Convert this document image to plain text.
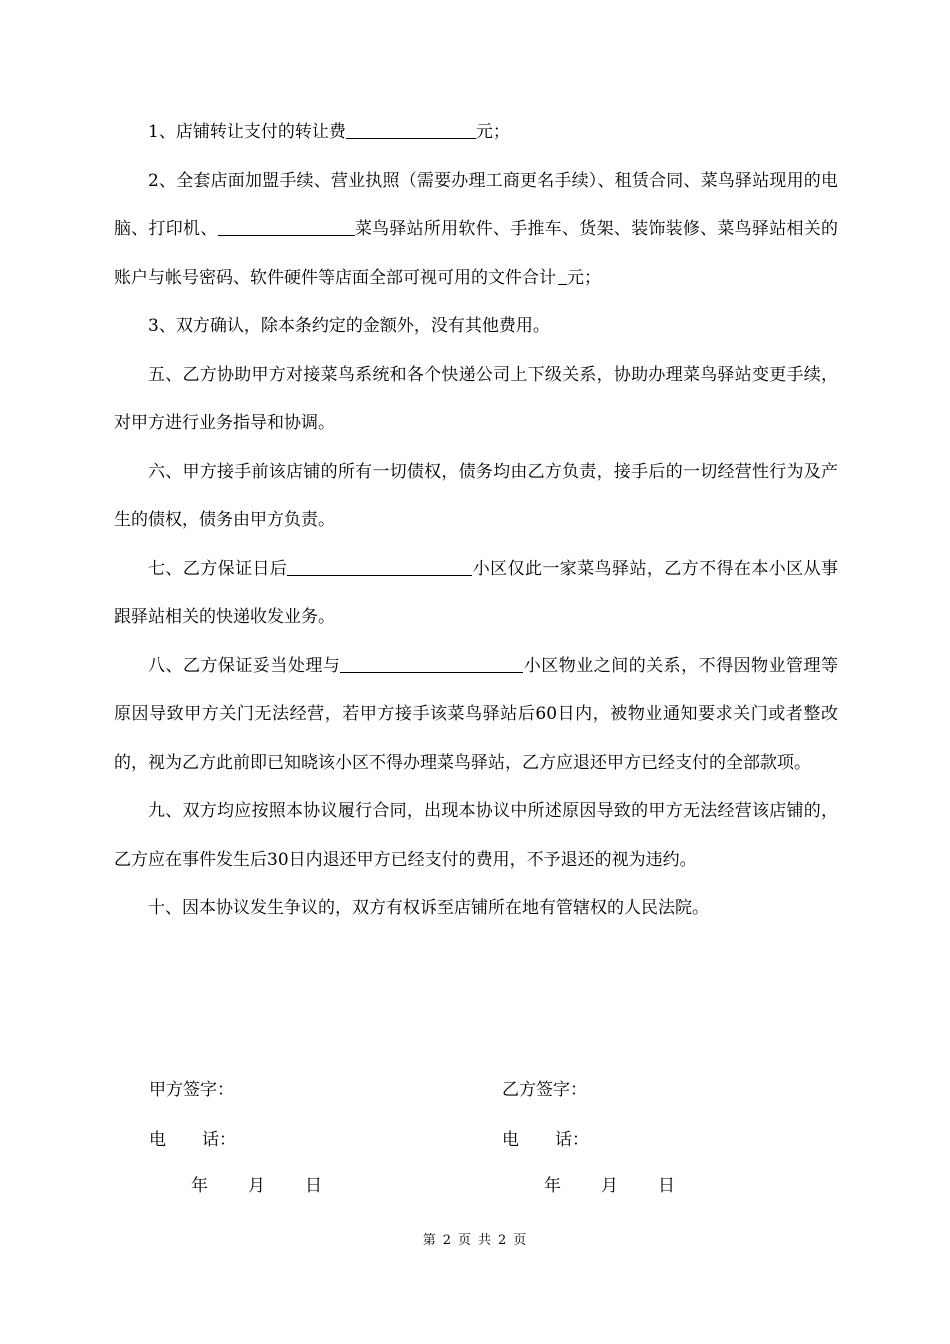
1、店铺转让支付的转让费	元；

2、全套店面加盟手续、营业执照（需要办理工商更名手续）、租赁合同、菜鸟驿站现用的电脑、打印机、	菜鸟驿站所用软件、手推车、货架、装饰装修、菜鸟驿站相关的账户与帐号密码、软件硬件等店面全部可视可用的文件合计 元；

3、双方确认，除本条约定的金额外，没有其他费用。

五、乙方协助甲方对接菜鸟系统和各个快递公司上下级关系，协助办理菜鸟驿站变更手续，对甲方进行业务指导和协调。

六、甲方接手前该店铺的所有一切债权，债务均由乙方负责，接手后的一切经营性行为及产生的债权，债务由甲方负责。

七、乙方保证日后	小区仅此一家菜鸟驿站，乙方不得在本小区从事跟驿站相关的快递收发业务。

八、乙方保证妥当处理与	小区物业之间的关系，不得因物业管理等原因导致甲方关门无法经营，若甲方接手该菜鸟驿站后60日内，被物业通知要求关门或者整改的，视为乙方此前即已知晓该小区不得办理菜鸟驿站，乙方应退还甲方已经支付的全部款项。

九、双方均应按照本协议履行合同，出现本协议中所述原因导致的甲方无法经营该店铺的，乙方应在事件发生后30日内退还甲方已经支付的费用，不予退还的视为违约。

十、因本协议发生争议的，双方有权诉至店铺所在地有管辖权的人民法院。

甲方签字：
电 话：
年 月 日
乙方签字：
电 话：
年 月 日
第 2 页 共 2 页
